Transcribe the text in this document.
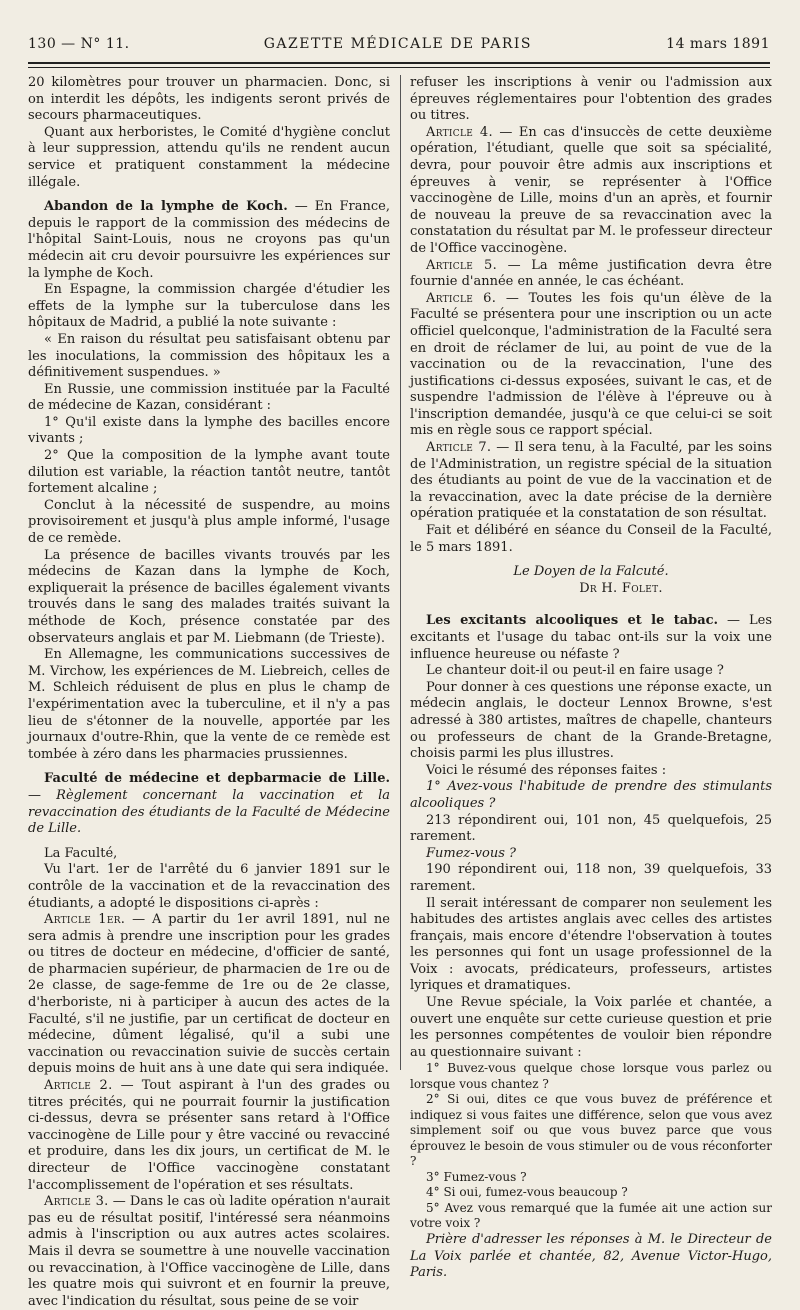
130 — N° 11.	GAZETTE MÉDICALE DE PARIS	14 mars 1891

20 kilomètres pour trouver un pharmacien. Donc, si on interdit les dépôts, les indigents seront privés de secours pharmaceutiques.

Quant aux herboristes, le Comité d'hygiène conclut à leur suppression, attendu qu'ils ne rendent aucun service et pratiquent constamment la médecine illégale.

Abandon de la lymphe de Koch. — En France, depuis le rapport de la commission des médecins de l'hôpital Saint-Louis, nous ne croyons pas qu'un médecin ait cru devoir poursuivre les expériences sur la lymphe de Koch.

En Espagne, la commission chargée d'étudier les effets de la lymphe sur la tuberculose dans les hôpitaux de Madrid, a publié la note suivante :

« En raison du résultat peu satisfaisant obtenu par les inoculations, la commission des hôpitaux les a définitivement suspendues. »

En Russie, une commission instituée par la Faculté de médecine de Kazan, considérant :

1° Qu'il existe dans la lymphe des bacilles encore vivants ;

2° Que la composition de la lymphe avant toute dilution est variable, la réaction tantôt neutre, tantôt fortement alcaline ;

Conclut à la nécessité de suspendre, au moins provisoirement et jusqu'à plus ample informé, l'usage de ce remède.

La présence de bacilles vivants trouvés par les médecins de Kazan dans la lymphe de Koch, expliquerait la présence de bacilles également vivants trouvés dans le sang des malades traités suivant la méthode de Koch, présence constatée par des observateurs anglais et par M. Liebmann (de Trieste).

En Allemagne, les communications successives de M. Virchow, les expériences de M. Liebreich, celles de M. Schleich réduisent de plus en plus le champ de l'expérimentation avec la tuberculine, et il n'y a pas lieu de s'étonner de la nouvelle, apportée par les journaux d'outre-Rhin, que la vente de ce remède est tombée à zéro dans les pharmacies prussiennes.

Faculté de médecine et depbarmacie de Lille. — Règlement concernant la vaccination et la revaccination des étudiants de la Faculté de Médecine de Lille.

La Faculté,

Vu l'art. 1er de l'arrêté du 6 janvier 1891 sur le contrôle de la vaccination et de la revaccination des étudiants, a adopté le dispositions ci-après :

Article 1er. — A partir du 1er avril 1891, nul ne sera admis à prendre une inscription pour les grades ou titres de docteur en médecine, d'officier de santé, de pharmacien supérieur, de pharmacien de 1re ou de 2e classe, de sage-femme de 1re ou de 2e classe, d'herboriste, ni à participer à aucun des actes de la Faculté, s'il ne justifie, par un certificat de docteur en médecine, dûment légalisé, qu'il a subi une vaccination ou revaccination suivie de succès certain depuis moins de huit ans à une date qui sera indiquée.

Article 2. — Tout aspirant à l'un des grades ou titres précités, qui ne pourrait fournir la justification ci-dessus, devra se présenter sans retard à l'Office vaccinogène de Lille pour y être vacciné ou revacciné et produire, dans les dix jours, un certificat de M. le directeur de l'Office vaccinogène constatant l'accomplissement de l'opération et ses résultats.

Article 3. — Dans le cas où ladite opération n'aurait pas eu de résultat positif, l'intéressé sera néanmoins admis à l'inscription ou aux autres actes scolaires. Mais il devra se soumettre à une nouvelle vaccination ou revaccination, à l'Office vaccinogène de Lille, dans les quatre mois qui suivront et en fournir la preuve, avec l'indication du résultat, sous peine de se voir

refuser les inscriptions à venir ou l'admission aux épreuves réglementaires pour l'obtention des grades ou titres.

Article 4. — En cas d'insuccès de cette deuxième opération, l'étudiant, quelle que soit sa spécialité, devra, pour pouvoir être admis aux inscriptions et épreuves à venir, se représenter à l'Office vaccinogène de Lille, moins d'un an après, et fournir de nouveau la preuve de sa revaccination avec la constatation du résultat par M. le professeur directeur de l'Office vaccinogène.

Article 5. — La même justification devra être fournie d'année en année, le cas échéant.

Article 6. — Toutes les fois qu'un élève de la Faculté se présentera pour une inscription ou un acte officiel quelconque, l'administration de la Faculté sera en droit de réclamer de lui, au point de vue de la vaccination ou de la revaccination, l'une des justifications ci-dessus exposées, suivant le cas, et de suspendre l'admission de l'élève à l'épreuve ou à l'inscription demandée, jusqu'à ce que celui-ci se soit mis en règle sous ce rapport spécial.

Article 7. — Il sera tenu, à la Faculté, par les soins de l'Administration, un registre spécial de la situation des étudiants au point de vue de la vaccination et de la revaccination, avec la date précise de la dernière opération pratiquée et la constatation de son résultat.

Fait et délibéré en séance du Conseil de la Faculté, le 5 mars 1891.

Le Doyen de la Falcuté.

Dr H. Folet.

Les excitants alcooliques et le tabac. — Les excitants et l'usage du tabac ont-ils sur la voix une influence heureuse ou néfaste ?

Le chanteur doit-il ou peut-il en faire usage ?

Pour donner à ces questions une réponse exacte, un médecin anglais, le docteur Lennox Browne, s'est adressé à 380 artistes, maîtres de chapelle, chanteurs ou professeurs de chant de la Grande-Bretagne, choisis parmi les plus illustres.

Voici le résumé des réponses faites :

1° Avez-vous l'habitude de prendre des stimulants alcooliques ?

213 répondirent oui, 101 non, 45 quelquefois, 25 rarement.

Fumez-vous ?

190 répondirent oui, 118 non, 39 quelquefois, 33 rarement.

Il serait intéressant de comparer non seulement les habitudes des artistes anglais avec celles des artistes français, mais encore d'étendre l'observation à toutes les personnes qui font un usage professionnel de la Voix : avocats, prédicateurs, professeurs, artistes lyriques et dramatiques.

Une Revue spéciale, la Voix parlée et chantée, a ouvert une enquête sur cette curieuse question et prie les personnes compétentes de vouloir bien répondre au questionnaire suivant :

1° Buvez-vous quelque chose lorsque vous parlez ou lorsque vous chantez ?

2° Si oui, dites ce que vous buvez de préférence et indiquez si vous faites une différence, selon que vous avez simplement soif ou que vous buvez parce que vous éprouvez le besoin de vous stimuler ou de vous réconforter ?

3° Fumez-vous ?

4° Si oui, fumez-vous beaucoup ?

5° Avez vous remarqué que la fumée ait une action sur votre voix ?

Prière d'adresser les réponses à M. le Directeur de La Voix parlée et chantée, 82, Avenue Victor-Hugo, Paris.
